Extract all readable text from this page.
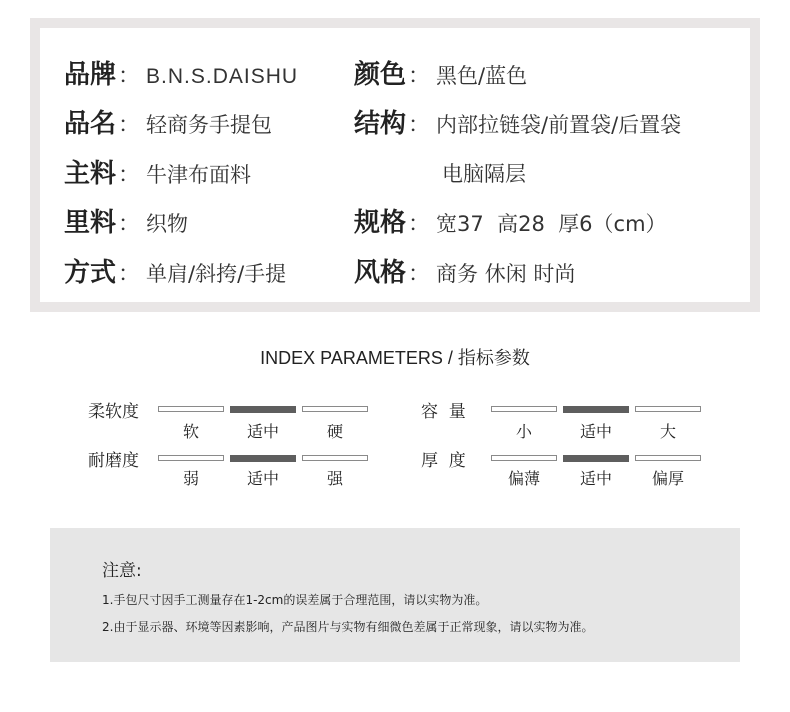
品牌： B.N.S.DAISHU 颜色： 黑色/蓝色
品名： 轻商务手提包	结构： 内部拉链袋/前置袋/后置袋
主料： 牛津布面料	电脑隔层
里料： 织物	规格： 宽37  高28  厚6（cm）
方式： 单肩/斜挎/手提	风格： 商务 休闲 时尚
INDEX PARAMETERS / 指标参数
柔软度
软	适中	硬
容  量
小	适中	大
耐磨度
弱	适中	强
厚  度
偏薄	适中	偏厚
注意:
1.手包尺寸因手工测量存在1-2cm的误差属于合理范围，请以实物为准。
2.由于显示器、环境等因素影响，产品图片与实物有细微色差属于正常现象，请以实物为准。
